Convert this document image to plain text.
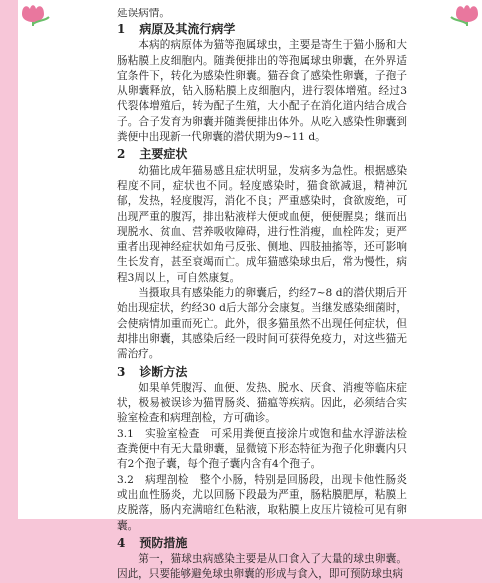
延误病情。

1 病原及其流行病学

本病的病原体为猫等孢属球虫，主要是寄生于猫小肠和大肠粘膜上皮细胞内。随粪便排出的等孢属球虫卵囊，在外界适宜条件下，转化为感染性卵囊。猫吞食了感染性卵囊，子孢子从卵囊释放，钻入肠粘膜上皮细胞内，进行裂体增殖。经过3代裂体增殖后，转为配子生殖，大小配子在消化道内结合成合子。合子发育为卵囊并随粪便排出体外。从吃入感染性卵囊到粪便中出现新一代卵囊的潜伏期为9~11 d。

2 主要症状

幼猫比成年猫易感且症状明显，发病多为急性。根据感染程度不同，症状也不同。轻度感染时，猫食欲减退，精神沉郁，发热，轻度腹泻，消化不良；严重感染时，食欲废绝，可出现严重的腹泻，排出粘液样大便或血便，便便腥臭；继而出现脱水、贫血、营养吸收障碍，进行性消瘦，血栓阵发；更严重者出现神经症状如角弓反张、侧地、四肢抽搐等，还可影响生长发育，甚至衰竭而亡。成年猫感染球虫后，常为慢性，病程3周以上，可自然康复。

当摄取具有感染能力的卵囊后，约经7~8 d的潜伏期后开始出现症状，约经30 d后大部分会康复。当继发感染细菌时，会使病情加重而死亡。此外，很多猫虽然不出现任何症状，但却排出卵囊，其感染后经一段时间可获得免疫力，对这些猫无需治疗。

3 诊断方法

如果单凭腹泻、血便、发热、脱水、厌食、消瘦等临床症状，极易被误诊为猫胃肠炎、猫瘟等疾病。因此，必须结合实验室检查和病理剖检，方可确诊。

3.1　实验室检查　可采用粪便直接涂片或饱和盐水浮游法检查粪便中有无大量卵囊，显微镜下形态特征为孢子化卵囊内只有2个孢子囊，每个孢子囊内含有4个孢子。

3.2　病理剖检　整个小肠，特别是回肠段，出现卡他性肠炎或出血性肠炎，尤以回肠下段最为严重，肠粘膜肥厚，粘膜上皮脱落，肠内充满暗红色粘液，取粘膜上皮压片镜检可见有卵囊。

4 预防措施

第一，猫球虫病感染主要是从口食入了大量的球虫卵囊。因此，只要能够避免球虫卵囊的形成与食入，即可预防球虫病
